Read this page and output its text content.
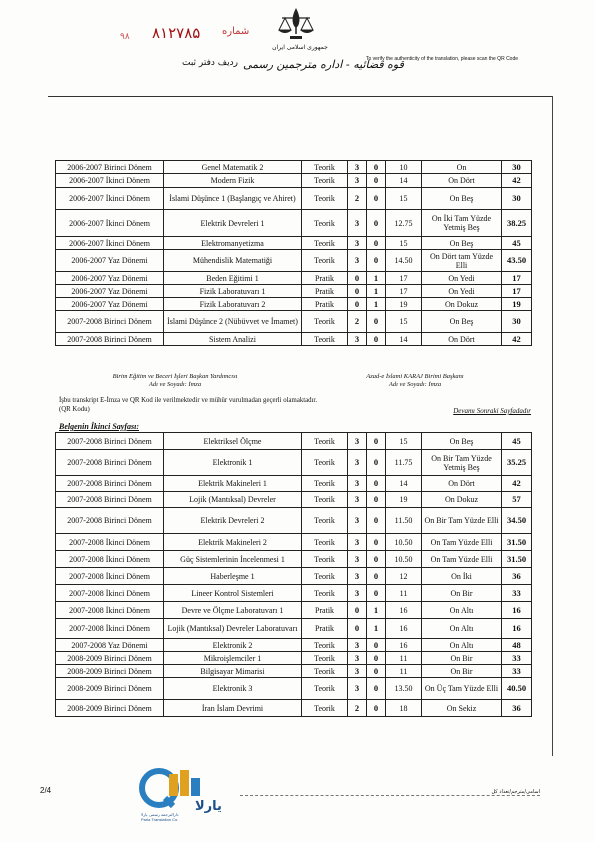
شماره
۸۱۲۷۸۵
۹۸
ردیف دفتر ثبت
جمهوری اسلامی ایران
قوه قضائیه - اداره مترجمین رسمی
To verify the authenticity of the translation, please scan the QR Code
2006-2007 Birinci Dönem	Genel Matematik 2	Teorik	3	0	10	On	30
2006-2007 İkinci Dönem	Modern Fizik	Teorik	3	0	14	On Dört	42
2006-2007 İkinci Dönem	İslami Düşünce 1 (Başlangıç ve Ahiret)	Teorik	2	0	15	On Beş	30
2006-2007 İkinci Dönem	Elektrik Devreleri 1	Teorik	3	0	12.75	On İki Tam Yüzde Yetmiş Beş	38.25
2006-2007 İkinci Dönem	Elektromanyetizma	Teorik	3	0	15	On Beş	45
2006-2007 Yaz Dönemi	Mühendislik Matematiği	Teorik	3	0	14.50	On Dört tam Yüzde Elli	43.50
2006-2007 Yaz Dönemi	Beden Eğitimi 1	Pratik	0	1	17	On Yedi	17
2006-2007 Yaz Dönemi	Fizik Laboratuvarı 1	Pratik	0	1	17	On Yedi	17
2006-2007 Yaz Dönemi	Fizik Laboratuvarı 2	Pratik	0	1	19	On Dokuz	19
2007-2008 Birinci Dönem	İslami Düşünce 2 (Nübüvvet ve İmamet)	Teorik	2	0	15	On Beş	30
2007-2008 Birinci Dönem	Sistem Analizi	Teorik	3	0	14	On Dört	42
Birim Eğitim ve Beceri İşleri Başkan Yardımcısı	Azad-e İslami KARAJ Birimi Başkanı
Adı ve Soyadı: İmza	Adı ve Soyadı: İmza
İşbu transkript E-İmza ve QR Kod ile verilmektedir ve mühür vurulmadan geçerli olamaktadır.
(QR Kodu)	Devamı Sonraki Sayfadadır
Belgenin İkinci Sayfası:
2007-2008 Birinci Dönem	Elektriksel Ölçme	Teorik	3	0	15	On Beş	45
2007-2008 Birinci Dönem	Elektronik 1	Teorik	3	0	11.75	On Bir Tam Yüzde Yetmiş Beş	35.25
2007-2008 Birinci Dönem	Elektrik Makineleri 1	Teorik	3	0	14	On Dört	42
2007-2008 Birinci Dönem	Lojik (Mantıksal) Devreler	Teorik	3	0	19	On Dokuz	57
2007-2008 Birinci Dönem	Elektrik Devreleri 2	Teorik	3	0	11.50	On Bir Tam Yüzde Elli	34.50
2007-2008 İkinci Dönem	Elektrik Makineleri 2	Teorik	3	0	10.50	On Tam Yüzde Elli	31.50
2007-2008 İkinci Dönem	Güç Sistemlerinin İncelenmesi 1	Teorik	3	0	10.50	On Tam Yüzde Elli	31.50
2007-2008 İkinci Dönem	Haberleşme 1	Teorik	3	0	12	On İki	36
2007-2008 İkinci Dönem	Lineer Kontrol Sistemleri	Teorik	3	0	11	On Bir	33
2007-2008 İkinci Dönem	Devre ve Ölçme Laboratuvarı 1	Pratik	0	1	16	On Altı	16
2007-2008 İkinci Dönem	Lojik (Mantıksal) Devreler Laboratuvarı	Pratik	0	1	16	On Altı	16
2007-2008 Yaz Dönemi	Elektronik 2	Teorik	3	0	16	On Altı	48
2008-2009 Birinci Dönem	Mikroişlemciler 1	Teorik	3	0	11	On Bir	33
2008-2009 Birinci Dönem	Bilgisayar Mimarisi	Teorik	3	0	11	On Bir	33
2008-2009 Birinci Dönem	Elektronik 3	Teorik	3	0	13.50	On Üç Tam Yüzde Elli	40.50
2008-2009 Birinci Dönem	İran İslam Devrimi	Teorik	2	0	18	On Sekiz	36
2/4
یارلا
دارالترجمه رسمی یارلا
Parla Translation Co.
اسامی/مترجم/تعداد کل
